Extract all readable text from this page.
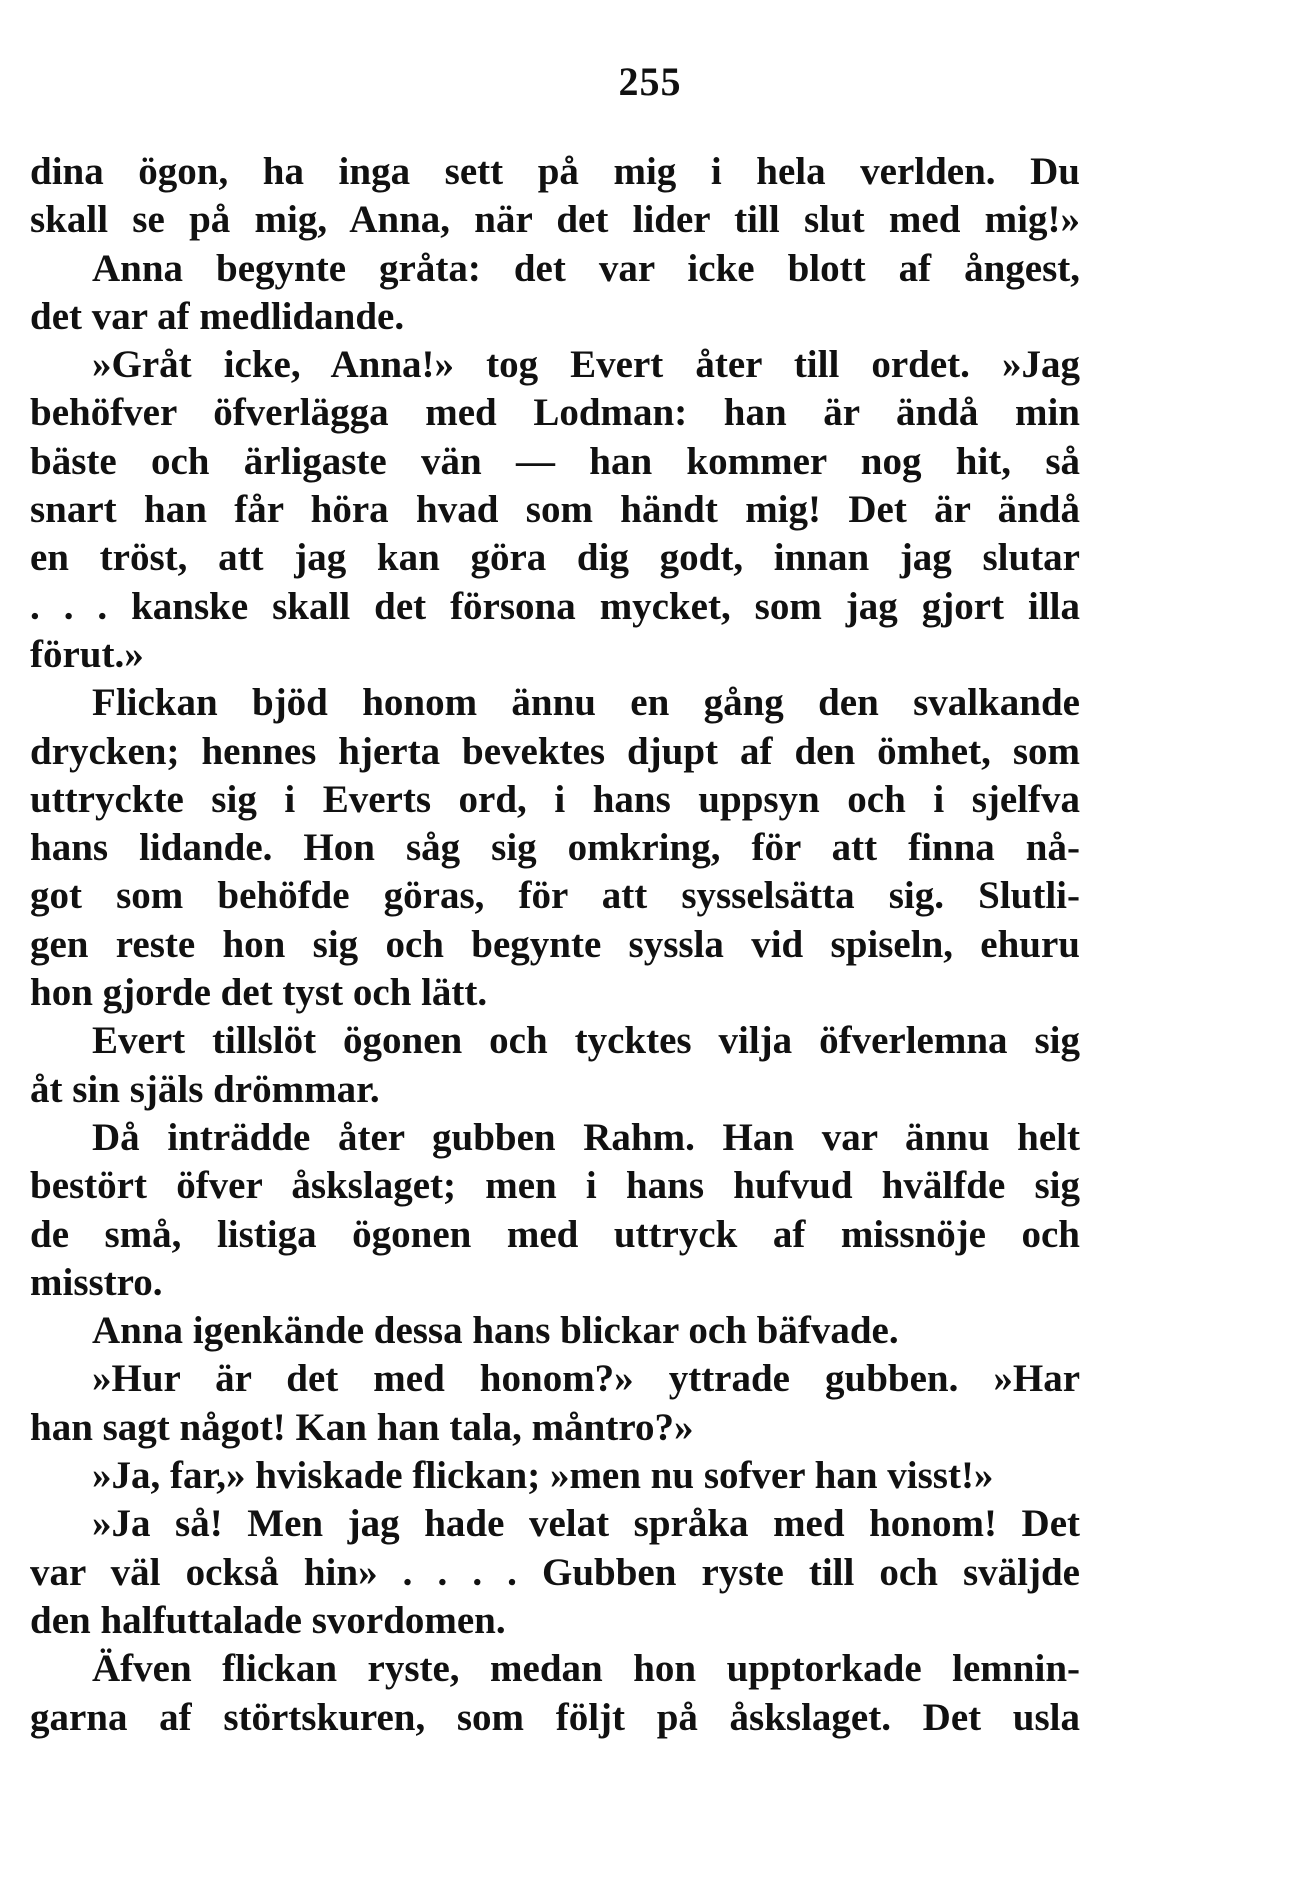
255
dina ögon, ha inga sett på mig i hela verlden. Du
skall se på mig, Anna, när det lider till slut med mig!»
Anna begynte gråta: det var icke blott af ångest,
det var af medlidande.
»Gråt icke, Anna!» tog Evert åter till ordet. »Jag
behöfver öfverlägga med Lodman: han är ändå min
bäste och ärligaste vän — han kommer nog hit, så
snart han får höra hvad som händt mig! Det är ändå
en tröst, att jag kan göra dig godt, innan jag slutar
. . . kanske skall det försona mycket, som jag gjort illa
förut.»
Flickan bjöd honom ännu en gång den svalkande
drycken; hennes hjerta bevektes djupt af den ömhet, som
uttryckte sig i Everts ord, i hans uppsyn och i sjelfva
hans lidande. Hon såg sig omkring, för att finna nå-
got som behöfde göras, för att sysselsätta sig. Slutli-
gen reste hon sig och begynte syssla vid spiseln, ehuru
hon gjorde det tyst och lätt.
Evert tillslöt ögonen och tycktes vilja öfverlemna sig
åt sin själs drömmar.
Då inträdde åter gubben Rahm. Han var ännu helt
bestört öfver åskslaget; men i hans hufvud hvälfde sig
de små, listiga ögonen med uttryck af missnöje och
misstro.
Anna igenkände dessa hans blickar och bäfvade.
»Hur är det med honom?» yttrade gubben. »Har
han sagt något! Kan han tala, måntro?»
»Ja, far,» hviskade flickan; »men nu sofver han visst!»
»Ja så! Men jag hade velat språka med honom! Det
var väl också hin» . . . . Gubben ryste till och sväljde
den halfuttalade svordomen.
Äfven flickan ryste, medan hon upptorkade lemnin-
garna af störtskuren, som följt på åskslaget. Det usla
